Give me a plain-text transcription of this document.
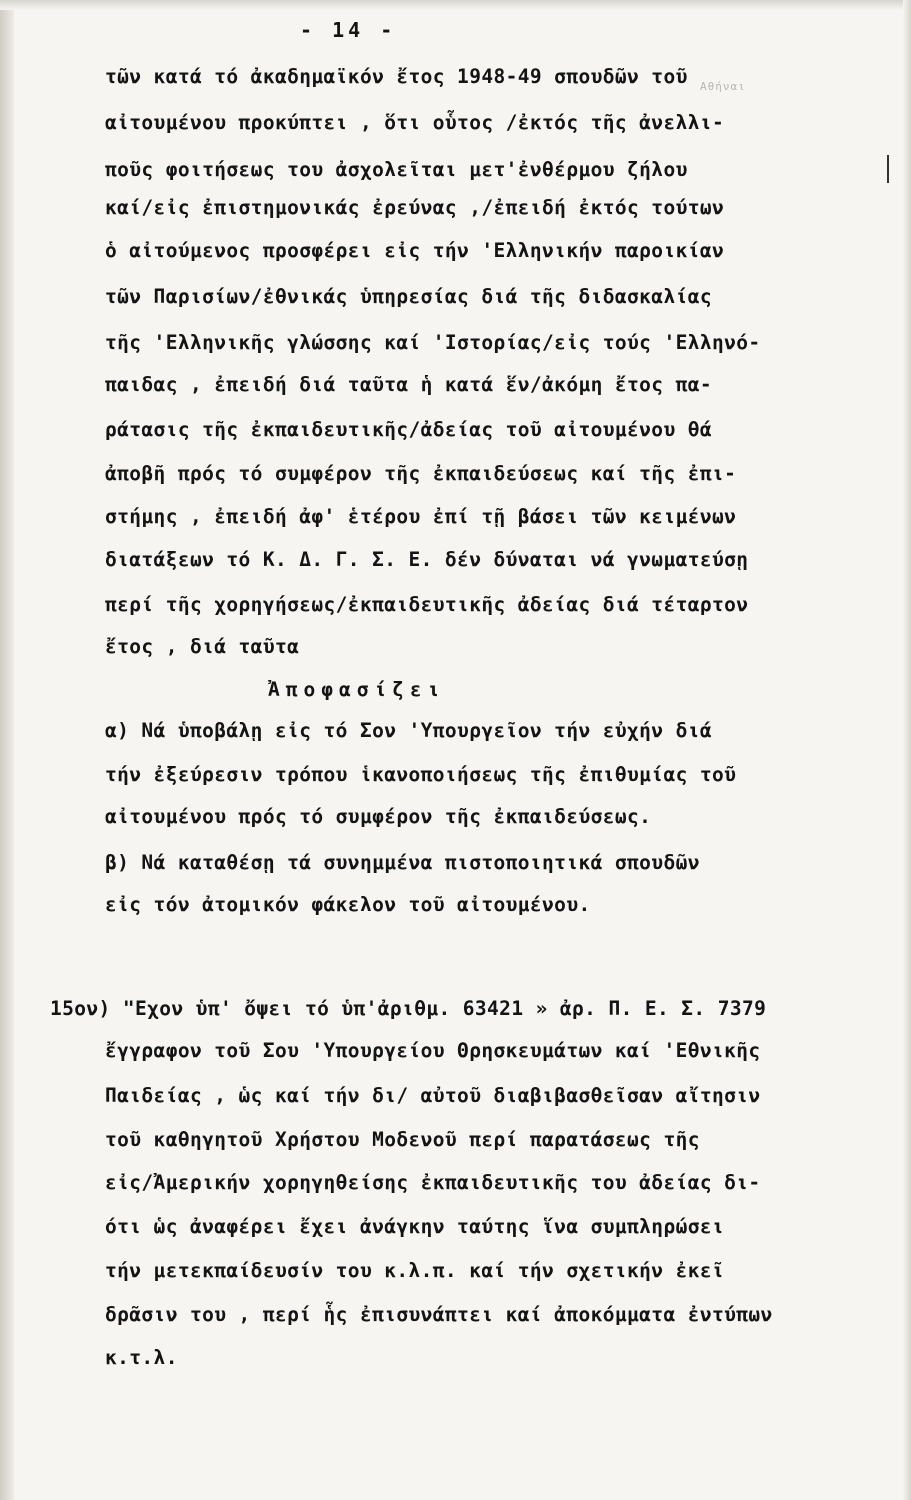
Αθήναι
- 14 -
τῶν κατά τό ἀκαδημαϊκόν ἔτος 1948-49 σπουδῶν τοῦ
αἰτουμένου προκύπτει , ὅτι οὗτος /ἐκτός τῆς ἀνελλι-
ποῦς φοιτήσεως του ἀσχολεῖται μετ'ἐνθέρμου ζήλου
καί/εἰς ἐπιστημονικάς ἐρεύνας ,/ἐπειδή ἐκτός τούτων
ὁ αἰτούμενος προσφέρει εἰς τήν 'Ελληνικήν παροικίαν
τῶν Παρισίων/ἐθνικάς ὑπηρεσίας διά τῆς διδασκαλίας
τῆς 'Ελληνικῆς γλώσσης καί 'Ιστορίας/εἰς τούς 'Ελληνό-
παιδας , ἐπειδή διά ταῦτα ἡ κατά ἕν/ἀκόμη ἔτος πα-
ράτασις τῆς ἐκπαιδευτικῆς/ἀδείας τοῦ αἰτουμένου θά
ἀποβῆ πρός τό συμφέρον τῆς ἐκπαιδεύσεως καί τῆς ἐπι-
στήμης , ἐπειδή ἀφ' ἑτέρου ἐπί τῇ βάσει τῶν κειμένων
διατάξεων τό Κ. Δ. Γ. Σ. Ε. δέν δύναται νά γνωματεύσῃ
περί τῆς χορηγήσεως/ἐκπαιδευτικῆς ἀδείας διά τέταρτον
ἔτος , διά ταῦτα
Ἀποφασίζει
α) Νά ὑποβάλῃ εἰς τό Σον 'Υπουργεῖον τήν εὐχήν διά
τήν ἐξεύρεσιν τρόπου ἱκανοποιήσεως τῆς ἐπιθυμίας τοῦ
αἰτουμένου πρός τό συμφέρον τῆς ἐκπαιδεύσεως.
β) Νά καταθέσῃ τά συνημμένα πιστοποιητικά σπουδῶν
εἰς τόν ἀτομικόν φάκελον τοῦ αἰτουμένου.
15ον) "Εχον ὑπ' ὄψει τό ὑπ'ἀριθμ. 63421 » ἀρ. Π. Ε. Σ. 7379
ἔγγραφον τοῦ Σου 'Υπουργείου Θρησκευμάτων καί 'Εθνικῆς
Παιδείας , ὡς καί τήν δι/ αὐτοῦ διαβιβασθεῖσαν αἴτησιν
τοῦ καθηγητοῦ Χρήστου Μοδενοῦ περί παρατάσεως τῆς
εἰς/Ἀμερικήν χορηγηθείσης ἐκπαιδευτικῆς του ἀδείας δι-
ότι ὡς ἀναφέρει ἔχει ἀνάγκην ταύτης ἵνα συμπληρώσει
τήν μετεκπαίδευσίν του κ.λ.π. καί τήν σχετικήν ἐκεῖ
δρᾶσιν του , περί ἧς ἐπισυνάπτει καί ἀποκόμματα ἐντύπων
κ.τ.λ.
